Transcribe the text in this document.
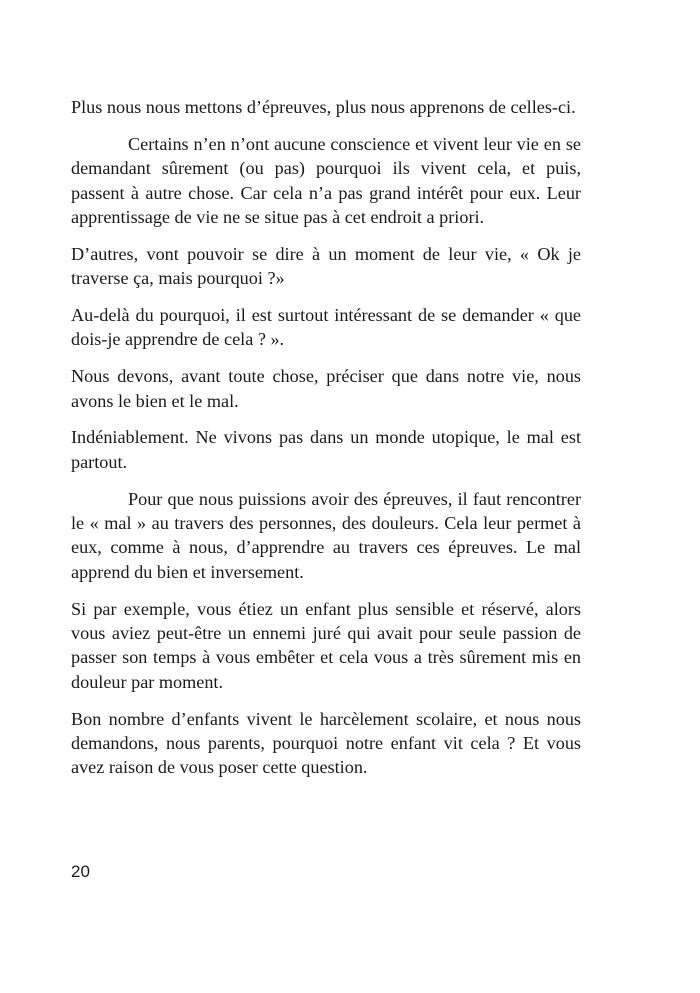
Plus nous nous mettons d’épreuves, plus nous apprenons de celles-ci.

Certains n’en n’ont aucune conscience et vivent leur vie en se demandant sûrement (ou pas) pourquoi ils vivent cela, et puis, passent à autre chose. Car cela n’a pas grand intérêt pour eux. Leur apprentissage de vie ne se situe pas à cet endroit a priori.

D’autres, vont pouvoir se dire à un moment de leur vie, « Ok je traverse ça, mais pourquoi ?»

Au-delà du pourquoi, il est surtout intéressant de se demander « que dois-je apprendre de cela ? ».

Nous devons, avant toute chose, préciser que dans notre vie, nous avons le bien et le mal.

Indéniablement. Ne vivons pas dans un monde utopique, le mal est partout.

Pour que nous puissions avoir des épreuves, il faut rencontrer le « mal » au travers des personnes, des douleurs. Cela leur permet à eux, comme à nous, d’apprendre au travers ces épreuves. Le mal apprend du bien et inversement.

Si par exemple, vous étiez un enfant plus sensible et réservé, alors vous aviez peut-être un ennemi juré qui avait pour seule passion de passer son temps à vous embêter et cela vous a très sûrement mis en douleur par moment.

Bon nombre d’enfants vivent le harcèlement scolaire, et nous nous demandons, nous parents, pourquoi notre enfant vit cela ? Et vous avez raison de vous poser cette question.

20
